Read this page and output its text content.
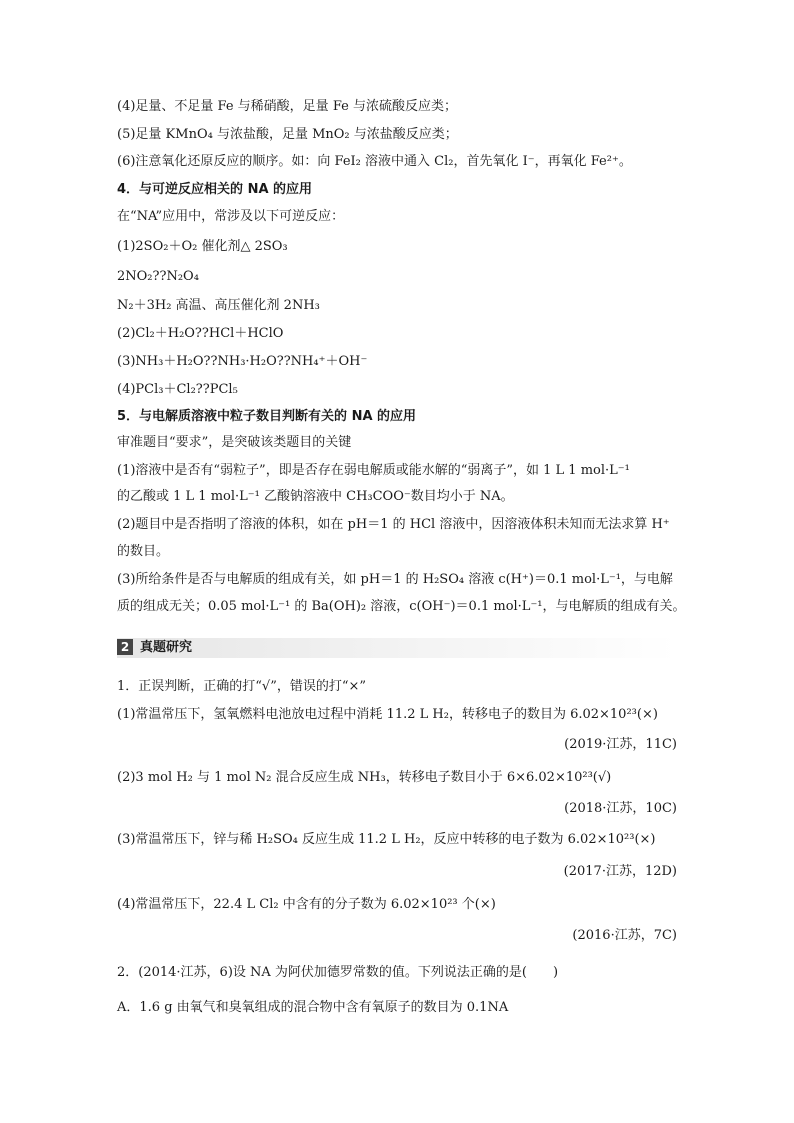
(4)足量、不足量 Fe 与稀硝酸，足量 Fe 与浓硫酸反应类；
(5)足量 KMnO₄ 与浓盐酸，足量 MnO₂ 与浓盐酸反应类；
(6)注意氧化还原反应的顺序。如：向 FeI₂ 溶液中通入 Cl₂，首先氧化 I⁻，再氧化 Fe²⁺。
4．与可逆反应相关的 NA 的应用
在“NA”应用中，常涉及以下可逆反应：
(1)2SO₂＋O₂ 催化剂△ 2SO₃
2NO₂??N₂O₄
N₂＋3H₂ 高温、高压催化剂 2NH₃
(2)Cl₂＋H₂O??HCl＋HClO
(3)NH₃＋H₂O??NH₃·H₂O??NH₄⁺＋OH⁻
(4)PCl₃＋Cl₂??PCl₅
5．与电解质溶液中粒子数目判断有关的 NA 的应用
审准题目“要求”，是突破该类题目的关键
(1)溶液中是否有“弱粒子”，即是否存在弱电解质或能水解的“弱离子”，如 1 L 1 mol·L⁻¹
的乙酸或 1 L 1 mol·L⁻¹ 乙酸钠溶液中 CH₃COO⁻数目均小于 NA。
(2)题目中是否指明了溶液的体积，如在 pH＝1 的 HCl 溶液中，因溶液体积未知而无法求算 H⁺
的数目。
(3)所给条件是否与电解质的组成有关，如 pH＝1 的 H₂SO₄ 溶液 c(H⁺)＝0.1 mol·L⁻¹，与电解
质的组成无关；0.05 mol·L⁻¹ 的 Ba(OH)₂ 溶液，c(OH⁻)＝0.1 mol·L⁻¹，与电解质的组成有关。
2 真题研究
1．正误判断，正确的打“√”，错误的打“×”
(1)常温常压下，氢氧燃料电池放电过程中消耗 11.2 L H₂，转移电子的数目为 6.02×10²³(×)
(2019·江苏，11C)
(2)3 mol H₂ 与 1 mol N₂ 混合反应生成 NH₃，转移电子数目小于 6×6.02×10²³(√)
(2018·江苏，10C)
(3)常温常压下，锌与稀 H₂SO₄ 反应生成 11.2 L H₂，反应中转移的电子数为 6.02×10²³(×)
(2017·江苏，12D)
(4)常温常压下，22.4 L Cl₂ 中含有的分子数为 6.02×10²³ 个(×)
(2016·江苏，7C)
2．(2014·江苏，6)设 NA 为阿伏加德罗常数的值。下列说法正确的是(　　)
A．1.6 g 由氧气和臭氧组成的混合物中含有氧原子的数目为 0.1NA
